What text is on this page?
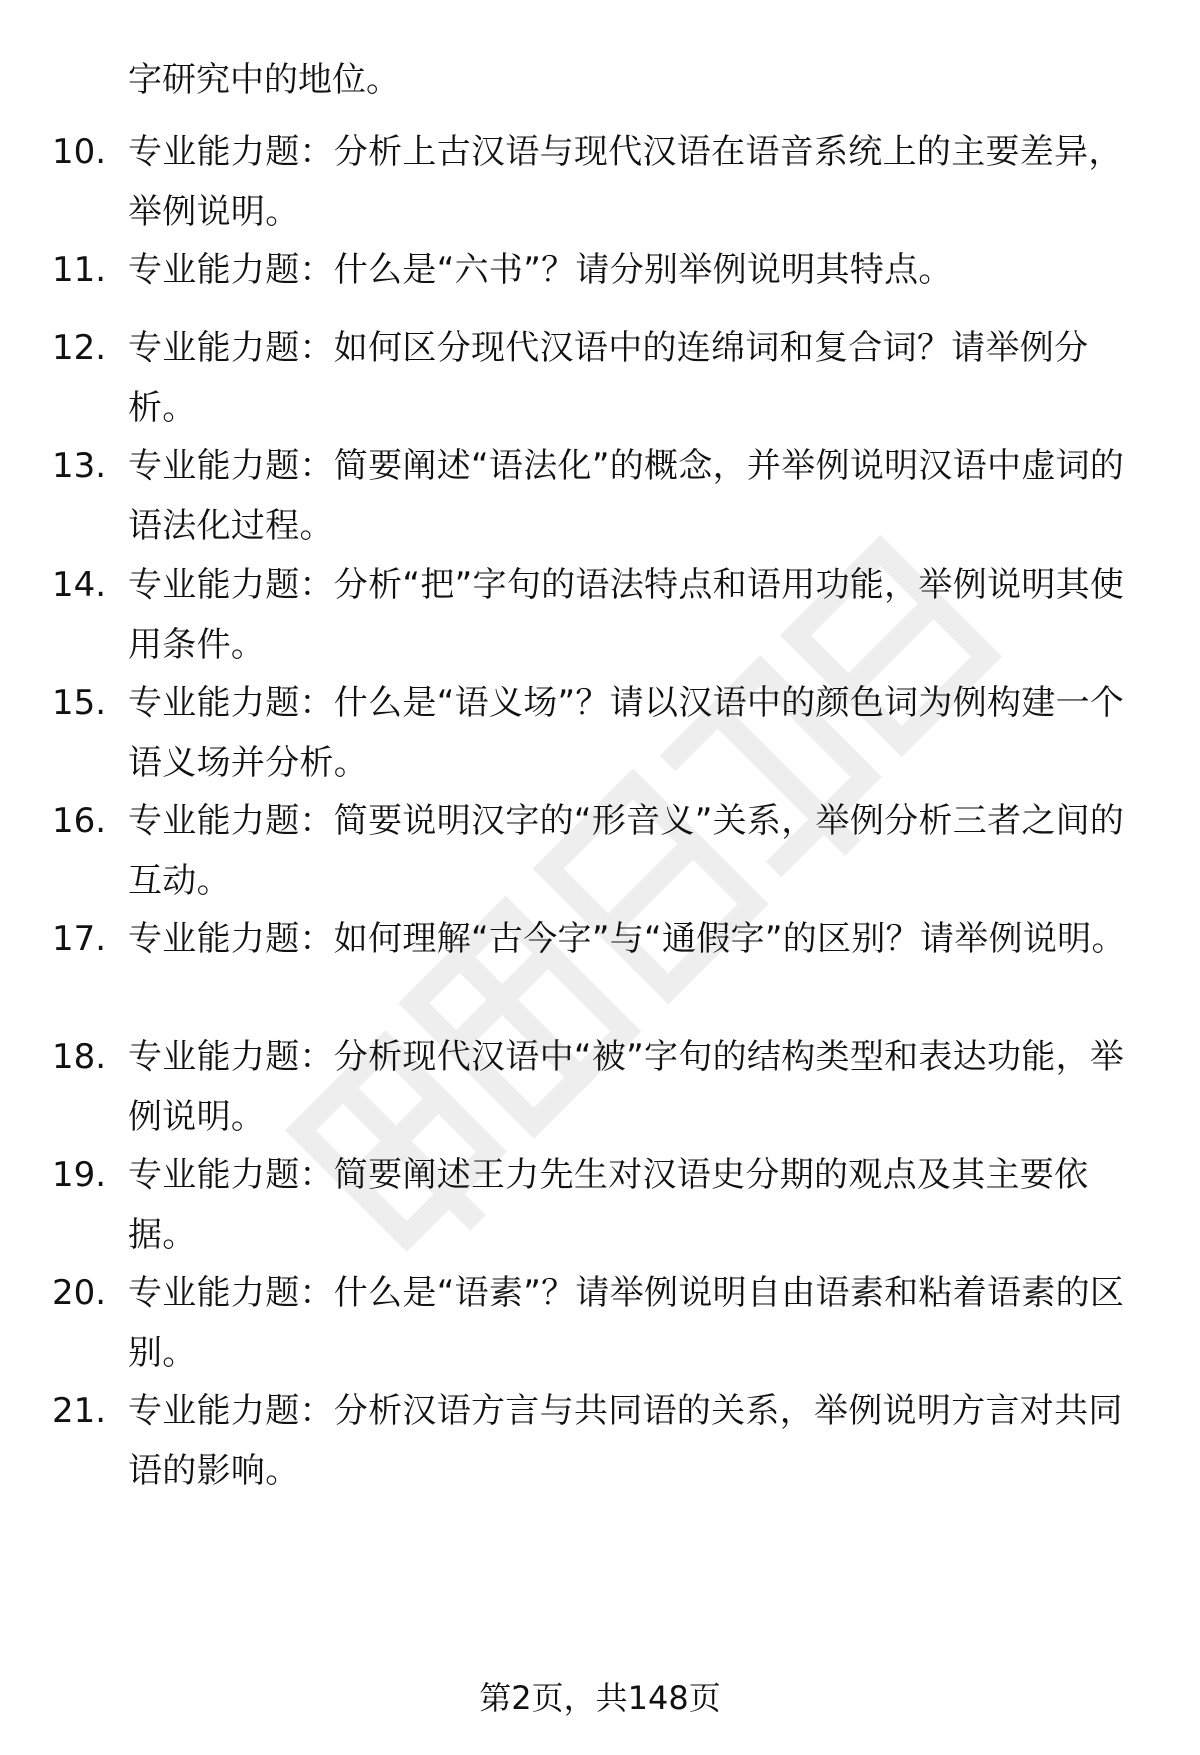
字研究中的地位。

10. 专业能力题：分析上古汉语与现代汉语在语音系统上的主要差异，举例说明。

11. 专业能力题：什么是“六书”？请分别举例说明其特点。

12. 专业能力题：如何区分现代汉语中的连绵词和复合词？请举例分析。

13. 专业能力题：简要阐述“语法化”的概念，并举例说明汉语中虚词的语法化过程。

14. 专业能力题：分析“把”字句的语法特点和语用功能，举例说明其使用条件。

15. 专业能力题：什么是“语义场”？请以汉语中的颜色词为例构建一个语义场并分析。

16. 专业能力题：简要说明汉字的“形音义”关系，举例分析三者之间的互动。

17. 专业能力题：如何理解“古今字”与“通假字”的区别？请举例说明。

18. 专业能力题：分析现代汉语中“被”字句的结构类型和表达功能，举例说明。

19. 专业能力题：简要阐述王力先生对汉语史分期的观点及其主要依据。

20. 专业能力题：什么是“语素”？请举例说明自由语素和粘着语素的区别。

21. 专业能力题：分析汉语方言与共同语的关系，举例说明方言对共同语的影响。

第2页，共148页
